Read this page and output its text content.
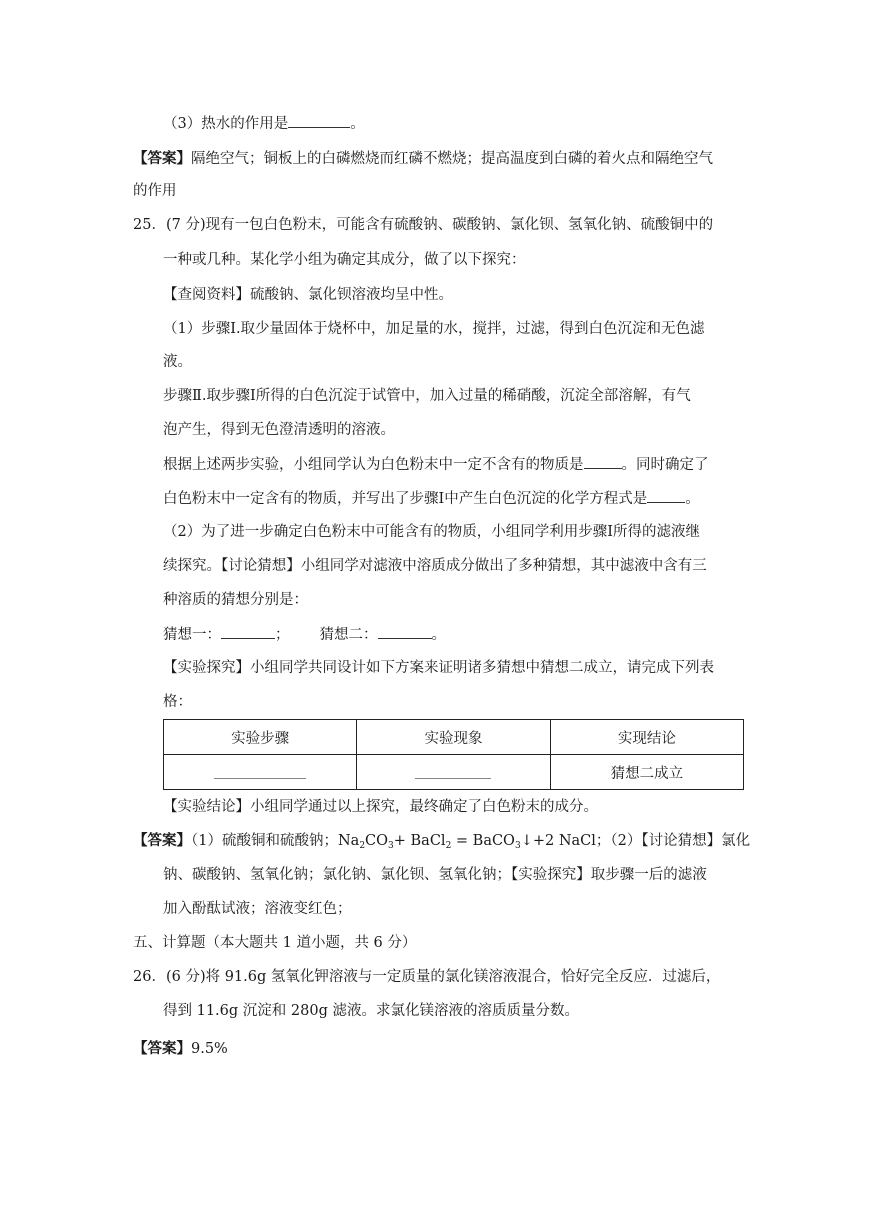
（3）热水的作用是	。
【答案】隔绝空气；铜板上的白磷燃烧而红磷不燃烧；提高温度到白磷的着火点和隔绝空气
的作用
25．(7 分)现有一包白色粉末，可能含有硫酸钠、碳酸钠、氯化钡、氢氧化钠、硫酸铜中的
一种或几种。某化学小组为确定其成分，做了以下探究：
【查阅资料】硫酸钠、氯化钡溶液均呈中性。
（1）步骤Ⅰ.取少量固体于烧杯中，加足量的水，搅拌，过滤，得到白色沉淀和无色滤
液。
步骤Ⅱ.取步骤Ⅰ所得的白色沉淀于试管中，加入过量的稀硝酸，沉淀全部溶解，有气
泡产生，得到无色澄清透明的溶液。
根据上述两步实验，小组同学认为白色粉末中一定不含有的物质是	。同时确定了
白色粉末中一定含有的物质，并写出了步骤Ⅰ中产生白色沉淀的化学方程式是	。
（2）为了进一步确定白色粉末中可能含有的物质，小组同学利用步骤Ⅰ所得的滤液继
续探究。【讨论猜想】小组同学对滤液中溶质成分做出了多种猜想，其中滤液中含有三
种溶质的猜想分别是：
猜想一：	； 猜想二：	。
【实验探究】小组同学共同设计如下方案来证明诸多猜想中猜想二成立，请完成下列表
格：
实验步骤	实验现象	实现结论
		猜想二成立
【实验结论】小组同学通过以上探究，最终确定了白色粉末的成分。
【答案】（1）硫酸铜和硫酸钠；$Na_2CO_3+$ BaCl$_2$ = BaCO$_3$↓+2 NaCl；（2）【讨论猜想】氯化
钠、碳酸钠、氢氧化钠；氯化钠、氯化钡、氢氧化钠；【实验探究】取步骤一后的滤液
加入酚酞试液；溶液变红色；
五、计算题（本大题共 1 道小题，共 6 分）
26．(6 分)将 91.6g 氢氧化钾溶液与一定质量的氯化镁溶液混合，恰好完全反应．过滤后，
得到 11.6g 沉淀和 280g 滤液。求氯化镁溶液的溶质质量分数。
【答案】9.5%
